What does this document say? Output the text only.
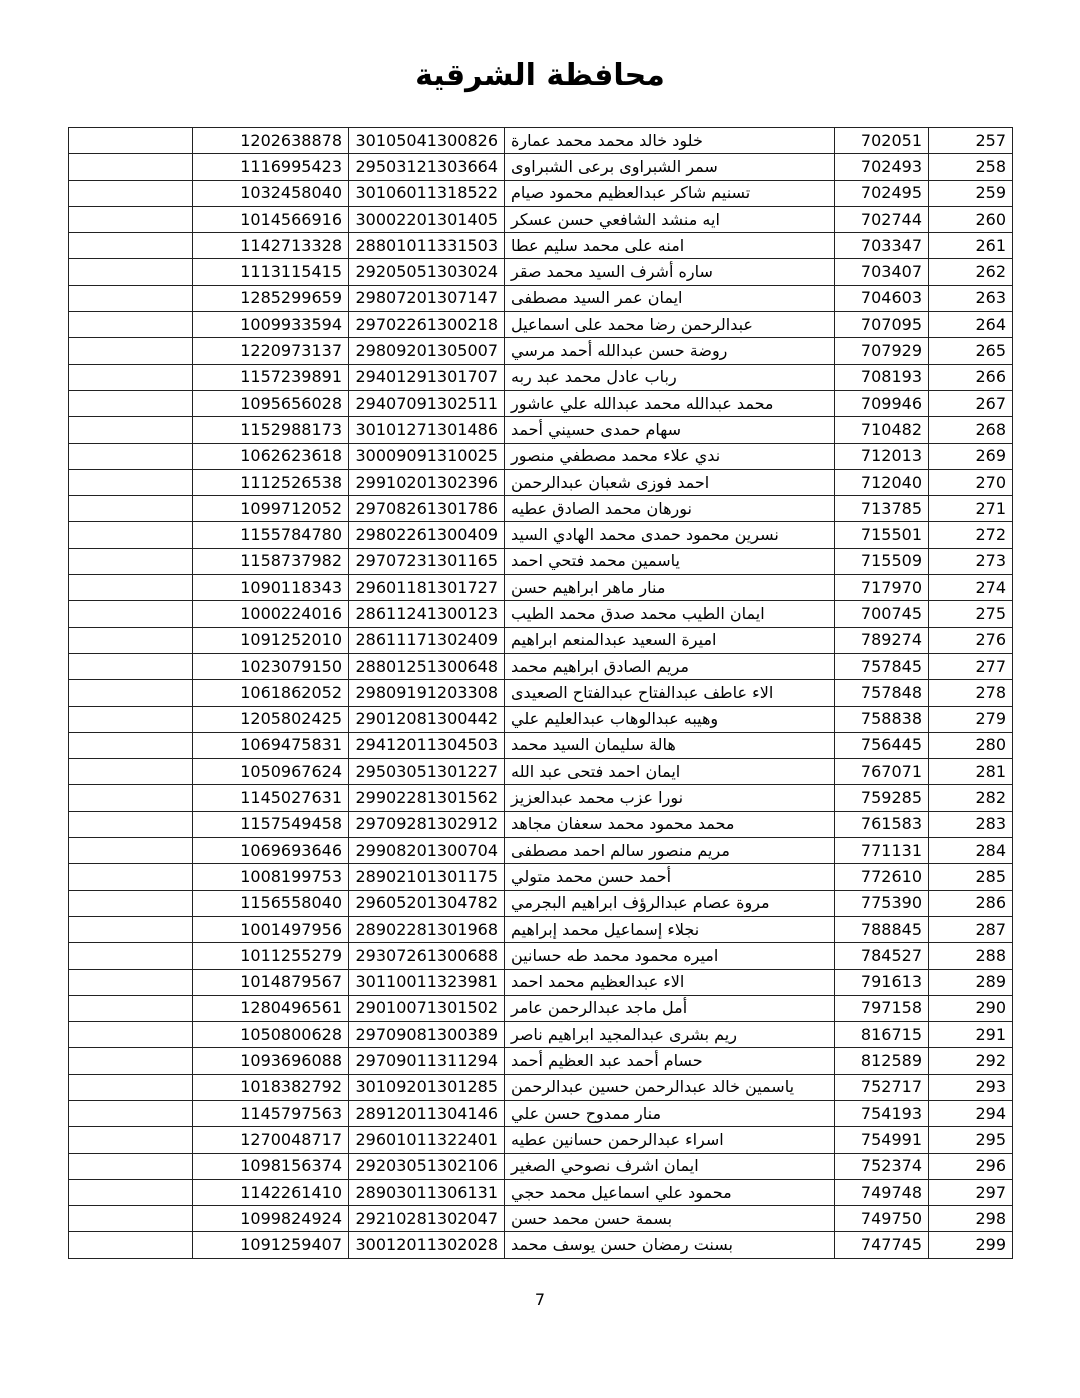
محافظة الشرقية
	1202638878	30105041300826	خلود خالد محمد محمد عمارة	702051	257
	1116995423	29503121303664	سمر الشبراوى برعى الشبراوى	702493	258
	1032458040	30106011318522	تسنيم شاكر عبدالعظيم محمود صيام	702495	259
	1014566916	30002201301405	ايه منشد الشافعي حسن عسكر	702744	260
	1142713328	28801011331503	امنه على محمد سليم عطا	703347	261
	1113115415	29205051303024	ساره أشرف السيد محمد صقر	703407	262
	1285299659	29807201307147	ايمان عمر السيد مصطفى	704603	263
	1009933594	29702261300218	عبدالرحمن رضا محمد على اسماعيل	707095	264
	1220973137	29809201305007	روضة حسن عبدالله أحمد مرسي	707929	265
	1157239891	29401291301707	رباب عادل محمد عبد ربه	708193	266
	1095656028	29407091302511	محمد عبدالله محمد عبدالله علي عاشور	709946	267
	1152988173	30101271301486	سهام حمدى حسيني أحمد	710482	268
	1062623618	30009091310025	ندي علاء محمد مصطفي منصور	712013	269
	1112526538	29910201302396	احمد فوزى شعبان عبدالرحمن	712040	270
	1099712052	29708261301786	نورهان محمد الصادق عطيه	713785	271
	1155784780	29802261300409	نسرين محمود حمدى محمد الهادي السيد	715501	272
	1158737982	29707231301165	ياسمين محمد فتحي احمد	715509	273
	1090118343	29601181301727	منار ماهر ابراهيم حسن	717970	274
	1000224016	28611241300123	ايمان الطيب محمد صدق محمد الطيب	700745	275
	1091252010	28611171302409	اميرة السعيد عبدالمنعم ابراهيم	789274	276
	1023079150	28801251300648	مريم الصادق ابراهيم محمد	757845	277
	1061862052	29809191203308	الاء عاطف عبدالفتاح عبدالفتاح الصعيدى	757848	278
	1205802425	29012081300442	وهيبه عبدالوهاب عبدالعليم علي	758838	279
	1069475831	29412011304503	هالة سليمان السيد محمد	756445	280
	1050967624	29503051301227	ايمان احمد فتحى عبد الله	767071	281
	1145027631	29902281301562	نورا عزب محمد عبدالعزيز	759285	282
	1157549458	29709281302912	محمد محمود محمد سعفان مجاهد	761583	283
	1069693646	29908201300704	مريم منصور سالم احمد مصطفى	771131	284
	1008199753	28902101301175	أحمد حسن محمد متولي	772610	285
	1156558040	29605201304782	مروة عصام عبدالرؤف ابراهيم البجرمي	775390	286
	1001497956	28902281301968	نجلاء إسماعيل محمد إبراهيم	788845	287
	1011255279	29307261300688	اميره محمود محمد طه حسانين	784527	288
	1014879567	30110011323981	الاء عبدالعظيم محمد احمد	791613	289
	1280496561	29010071301502	أمل ماجد عبدالرحمن عامر	797158	290
	1050800628	29709081300389	ريم بشرى عبدالمجيد ابراهيم ناصر	816715	291
	1093696088	29709011311294	حسام أحمد عبد العظيم أحمد	812589	292
	1018382792	30109201301285	ياسمين خالد عبدالرحمن حسين عبدالرحمن	752717	293
	1145797563	28912011304146	منار ممدوح حسن علي	754193	294
	1270048717	29601011322401	اسراء عبدالرحمن حسانين عطيه	754991	295
	1098156374	29203051302106	ايمان اشرف نصوحي الصغير	752374	296
	1142261410	28903011306131	محمود علي اسماعيل محمد حجي	749748	297
	1099824924	29210281302047	بسمة حسن محمد حسن	749750	298
	1091259407	30012011302028	بسنت رمضان حسن يوسف محمد	747745	299
7
